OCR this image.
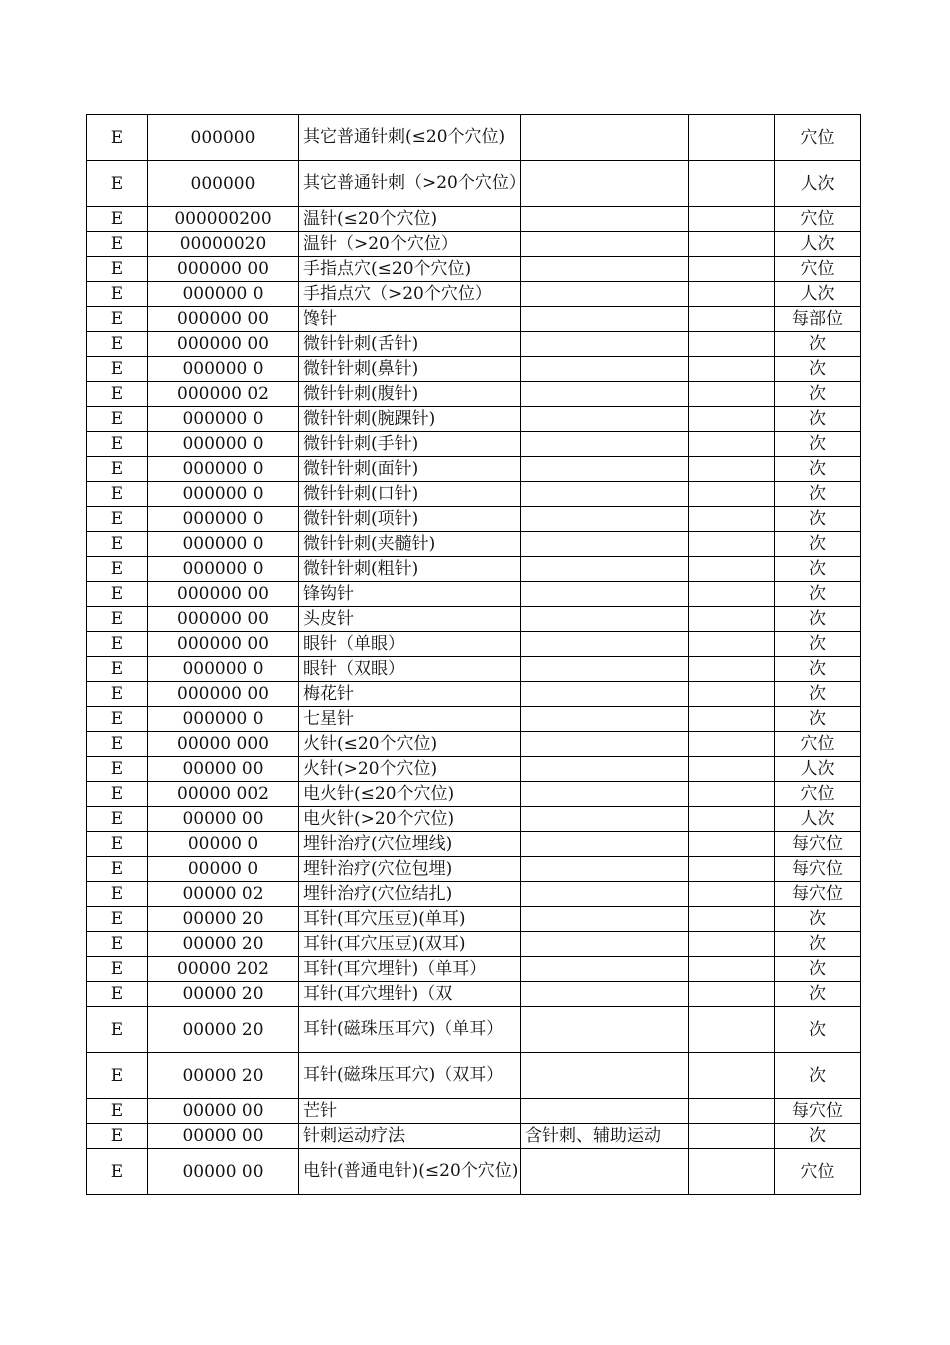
E	000000	其它普通针刺(≤20个穴位)			穴位
E	000000	其它普通针刺（>20个穴位）			人次
E	000000200	温针(≤20个穴位)			穴位
E	00000020	温针（>20个穴位）			人次
E	000000 00	手指点穴(≤20个穴位)			穴位
E	000000 0	手指点穴（>20个穴位）			人次
E	000000 00	馋针			每部位
E	000000 00	微针针刺(舌针)			次
E	000000 0	微针针刺(鼻针)			次
E	000000 02	微针针刺(腹针)			次
E	000000 0	微针针刺(腕踝针)			次
E	000000 0	微针针刺(手针)			次
E	000000 0	微针针刺(面针)			次
E	000000 0	微针针刺(口针)			次
E	000000 0	微针针刺(项针)			次
E	000000 0	微针针刺(夹髓针)			次
E	000000 0	微针针刺(粗针)			次
E	000000 00	锋钩针			次
E	000000 00	头皮针			次
E	000000 00	眼针（单眼）			次
E	000000 0	眼针（双眼）			次
E	000000 00	梅花针			次
E	000000 0	七星针			次
E	00000 000	火针(≤20个穴位)			穴位
E	00000 00	火针(>20个穴位)			人次
E	00000 002	电火针(≤20个穴位)			穴位
E	00000 00	电火针(>20个穴位)			人次
E	00000 0	埋针治疗(穴位埋线)			每穴位
E	00000 0	埋针治疗(穴位包埋)			每穴位
E	00000 02	埋针治疗(穴位结扎)			每穴位
E	00000 20	耳针(耳穴压豆)(单耳)			次
E	00000 20	耳针(耳穴压豆)(双耳)			次
E	00000 202	耳针(耳穴埋针)（单耳）			次
E	00000 20	耳针(耳穴埋针)（双			次
E	00000 20	耳针(磁珠压耳穴)（单耳）			次
E	00000 20	耳针(磁珠压耳穴)（双耳）			次
E	00000 00	芒针			每穴位
E	00000 00	针刺运动疗法	含针刺、辅助运动		次
E	00000 00	电针(普通电针)(≤20个穴位)			穴位
